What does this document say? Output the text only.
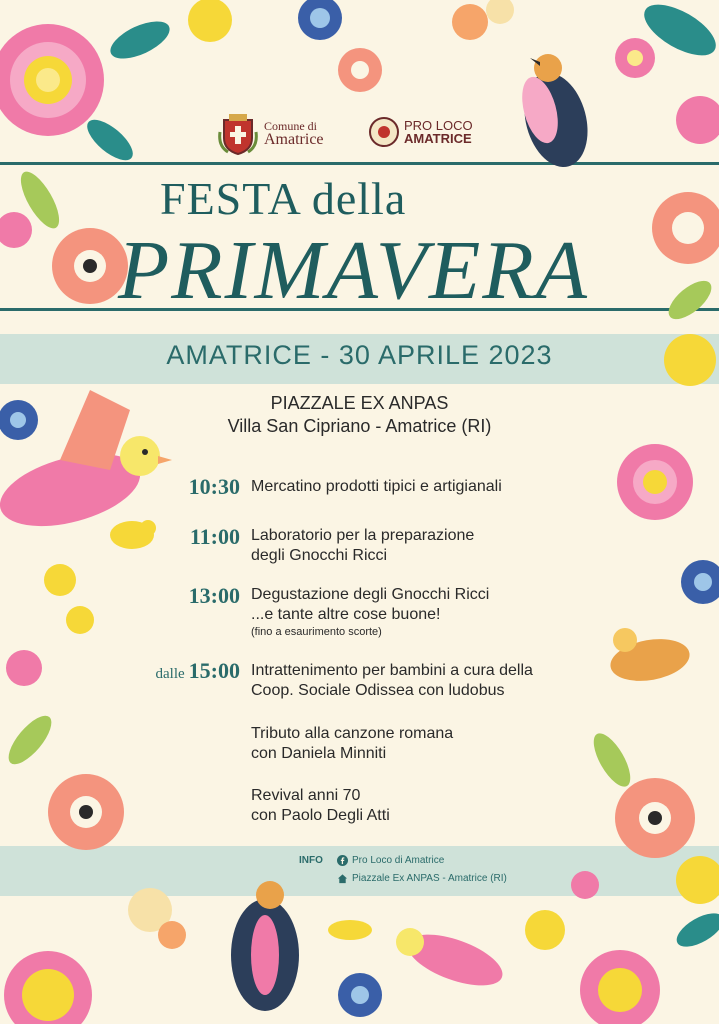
Comune di
Amatrice
PRO LOCO
AMATRICE
FESTA della
PRIMAVERA
AMATRICE - 30 APRILE 2023
PIAZZALE EX ANPAS
Villa San Cipriano - Amatrice (RI)
10:30 Mercatino prodotti tipici e artigianali
11:00 Laboratorio per la preparazione
degli Gnocchi Ricci
13:00 Degustazione degli Gnocchi Ricci
...e tante altre cose buone!
(fino a esaurimento scorte)
dalle 15:00 Intrattenimento per bambini a cura della
Coop. Sociale Odissea con ludobus
Tributo alla canzone romana
con Daniela Minniti
Revival anni 70
con Paolo Degli Atti
INFO	Pro Loco di Amatrice
Piazzale Ex ANPAS - Amatrice (RI)
